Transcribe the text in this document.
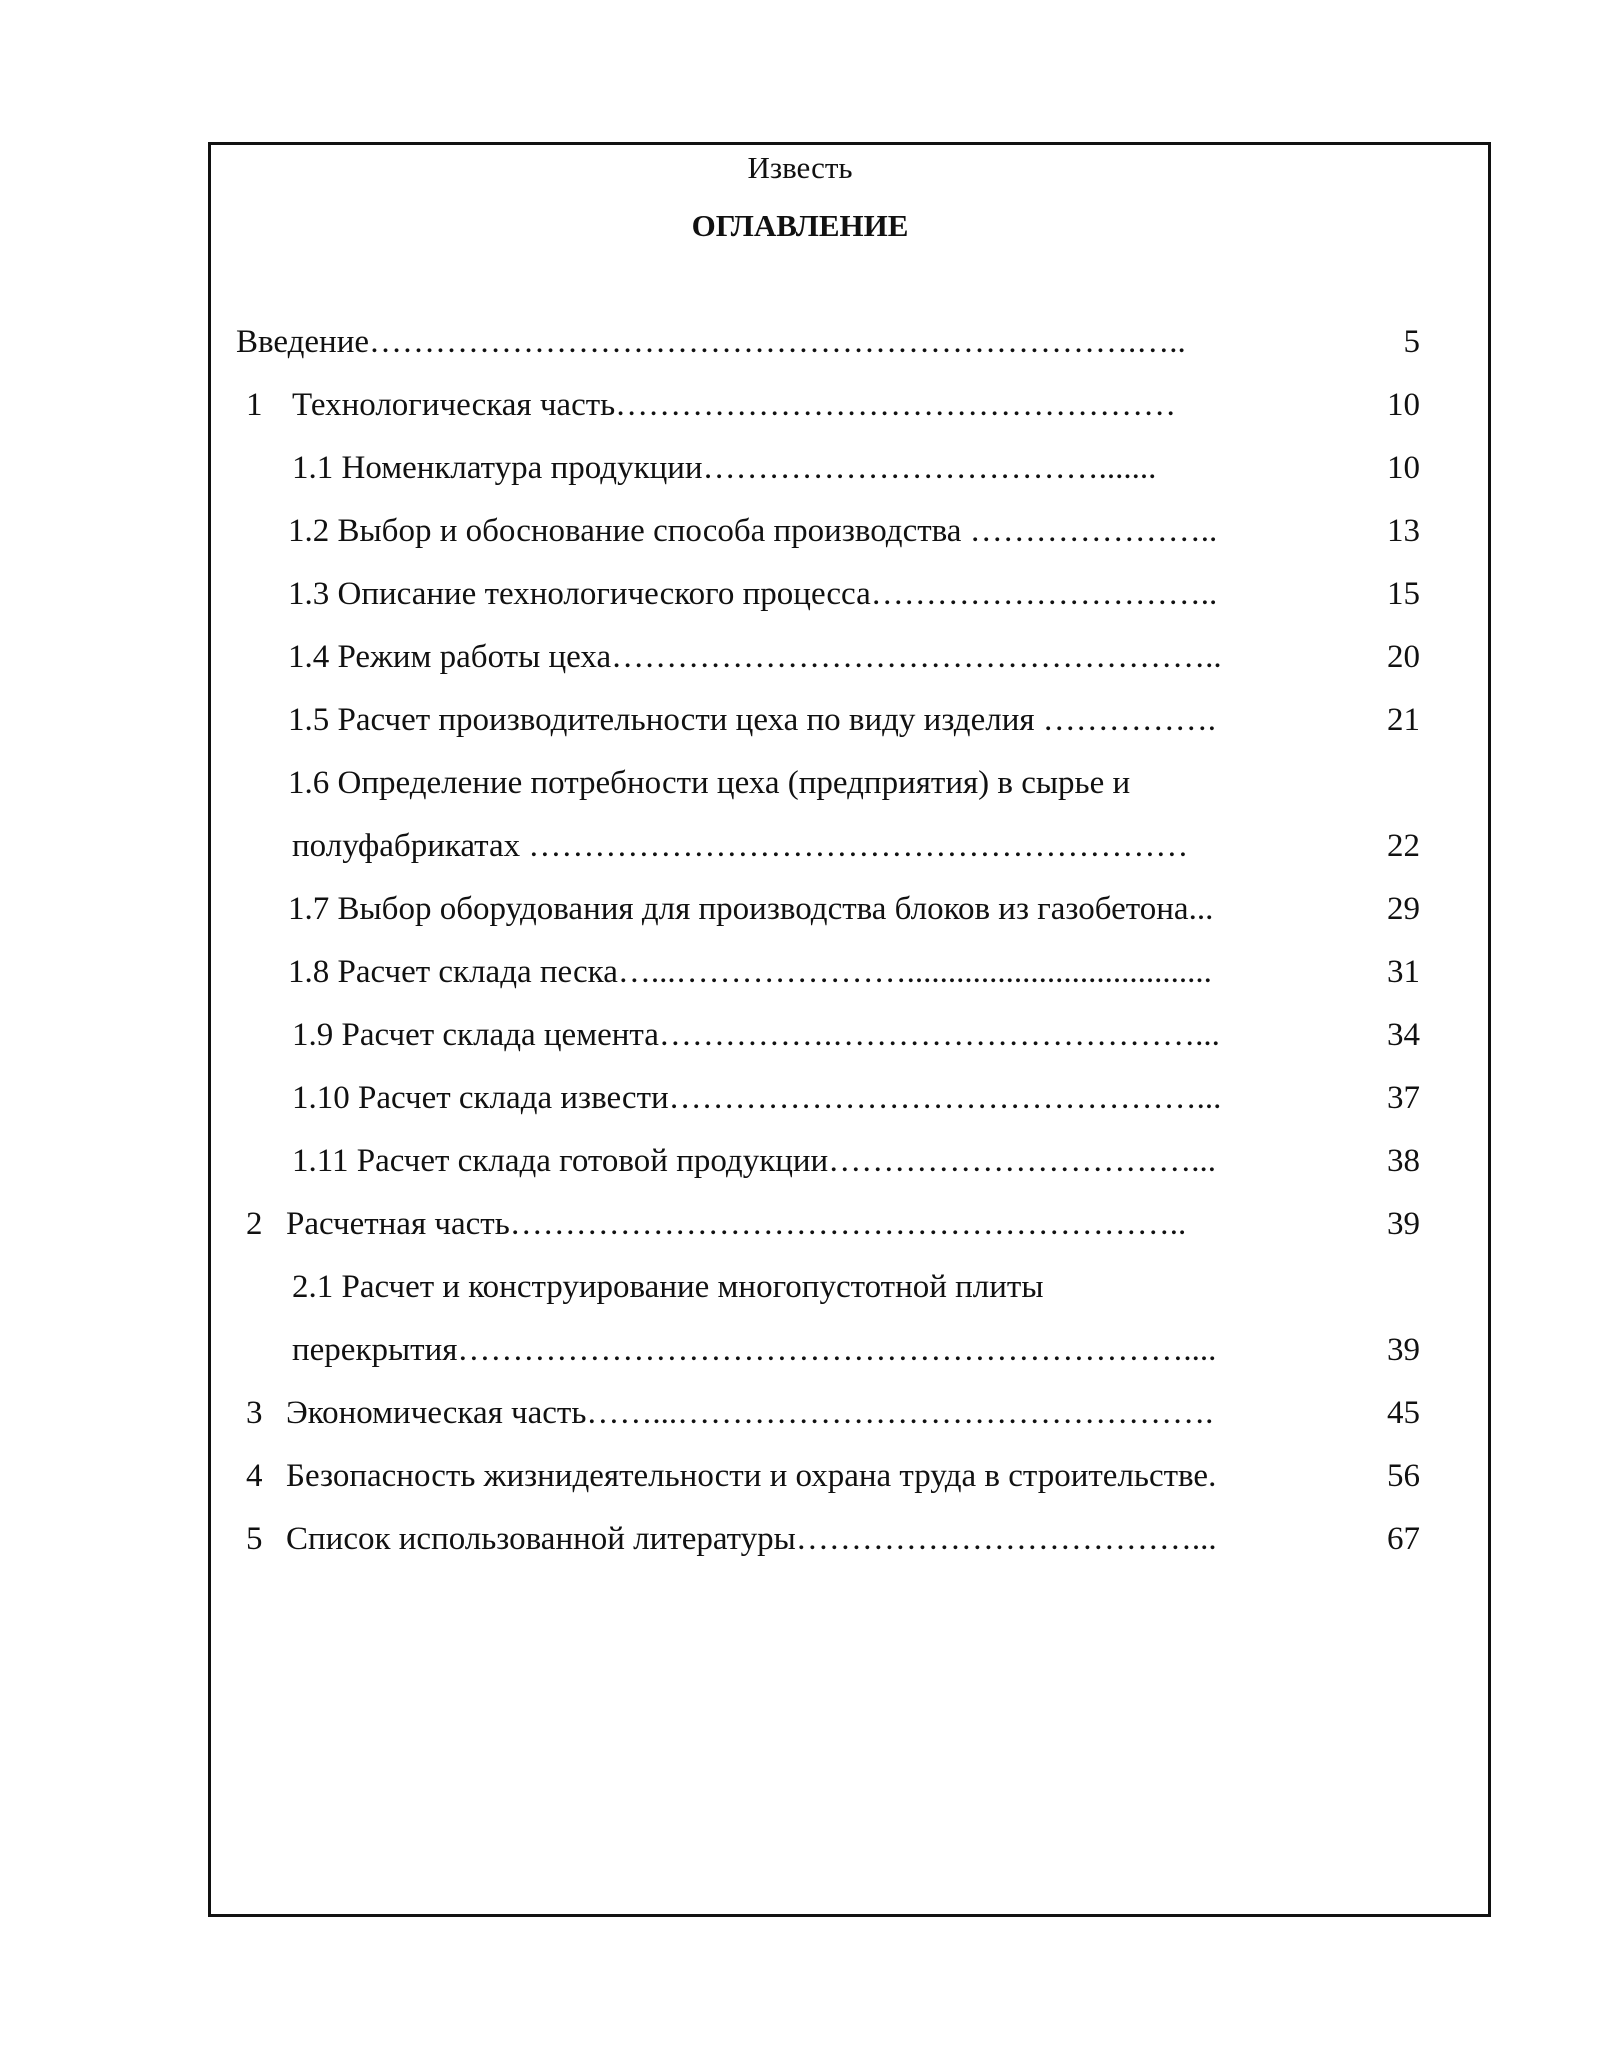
Известь
ОГЛАВЛЕНИЕ
Введение…………………………………………………………….…..	5
1 Технологическая часть……………………………………………	10
1.1 Номенклатура продукции……………………………….......	10
1.2 Выбор и обоснование способа производства …………………..	13
1.3 Описание технологического процесса…………………………..	15
1.4 Режим работы цеха………………………………………………..	20
1.5 Расчет производительности цеха по виду изделия …………….	21
1.6 Определение потребности цеха (предприятия) в сырье и
полуфабрикатах ……………………………………………………	22
1.7 Выбор оборудования для производства блоков из газобетона...	29
1.8 Расчет склада песка…...………………….....................................	31
1.9 Расчет склада цемента…………….……………………………...	34
1.10 Расчет склада извести…………………………………………...	37
1.11 Расчет склада готовой продукции……………………………...	38
2 Расчетная часть……………………………………………………..	39
2.1 Расчет и конструирование многопустотной плиты
перекрытия…………………………………………………………....	39
3 Экономическая часть……...………………………………………….	45
4 Безопасность жизнидеятельности и охрана труда в строительстве.	56
5 Список использованной литературы………………………………...	67
